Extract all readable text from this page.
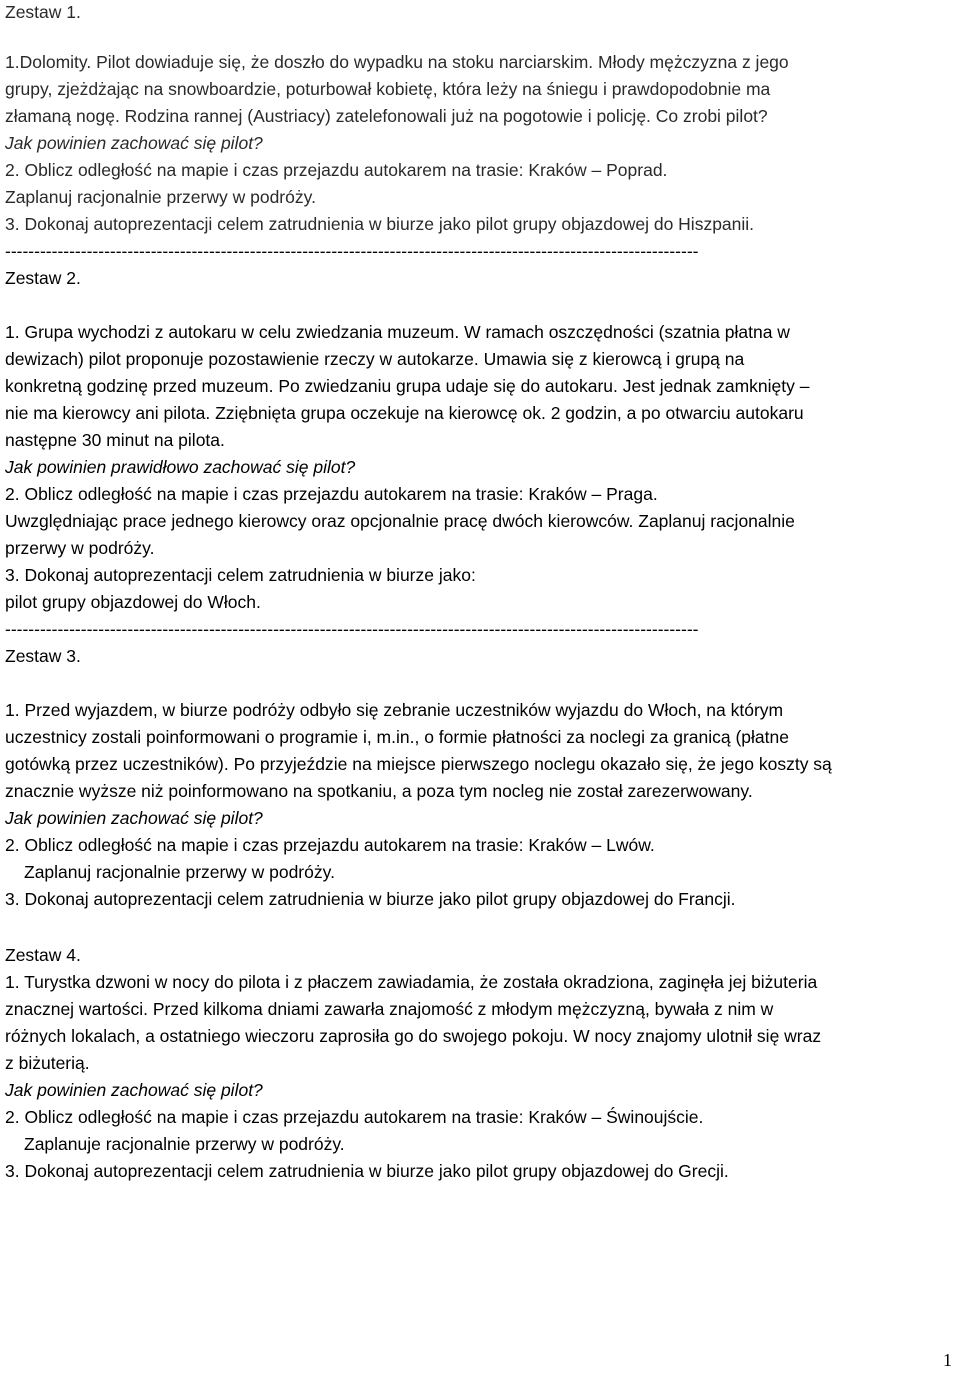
Zestaw 1.
1.Dolomity. Pilot dowiaduje się, że doszło do wypadku na stoku narciarskim. Młody mężczyzna z jego
grupy, zjeżdżając na snowboardzie, poturbował kobietę, która leży na śniegu i prawdopodobnie ma
złamaną nogę. Rodzina rannej (Austriacy) zatelefonowali już na pogotowie i policję. Co zrobi pilot?
Jak powinien zachować się pilot?
2. Oblicz odległość na mapie i czas przejazdu autokarem na trasie: Kraków – Poprad.
Zaplanuj racjonalnie przerwy w podróży.
3. Dokonaj autoprezentacji celem zatrudnienia w biurze jako pilot grupy objazdowej do Hiszpanii.
-----------------------------------------------------------------------------------------------------------------------
Zestaw 2.
1. Grupa wychodzi z autokaru w celu zwiedzania muzeum. W ramach oszczędności (szatnia płatna w
dewizach) pilot proponuje pozostawienie rzeczy w autokarze. Umawia się z kierowcą i grupą na
konkretną godzinę przed muzeum. Po zwiedzaniu grupa udaje się do autokaru. Jest jednak zamknięty –
nie ma kierowcy ani pilota. Zziębnięta grupa oczekuje na kierowcę ok. 2 godzin, a po otwarciu autokaru
następne 30 minut na pilota.
Jak powinien prawidłowo zachować się pilot?
2. Oblicz odległość na mapie i czas przejazdu autokarem na trasie: Kraków – Praga.
Uwzględniając prace jednego kierowcy oraz opcjonalnie pracę dwóch kierowców. Zaplanuj racjonalnie
przerwy w podróży.
3. Dokonaj autoprezentacji celem zatrudnienia w biurze jako:
pilot grupy objazdowej do Włoch.
-----------------------------------------------------------------------------------------------------------------------
Zestaw 3.
1. Przed wyjazdem, w biurze podróży odbyło się zebranie uczestników wyjazdu do Włoch, na którym
uczestnicy zostali poinformowani o programie i, m.in., o formie płatności za noclegi za granicą (płatne
gotówką przez uczestników). Po przyjeździe na miejsce pierwszego noclegu okazało się, że jego koszty są
znacznie wyższe niż poinformowano na spotkaniu, a poza tym nocleg nie został zarezerwowany.
Jak powinien zachować się pilot?
2. Oblicz odległość na mapie i czas przejazdu autokarem na trasie: Kraków – Lwów.
Zaplanuj racjonalnie przerwy w podróży.
3. Dokonaj autoprezentacji celem zatrudnienia w biurze jako pilot grupy objazdowej do Francji.
Zestaw 4.
1. Turystka dzwoni w nocy do pilota i z płaczem zawiadamia, że została okradziona, zaginęła jej biżuteria
znacznej wartości. Przed kilkoma dniami zawarła znajomość z młodym mężczyzną, bywała z nim w
różnych lokalach, a ostatniego wieczoru zaprosiła go do swojego pokoju. W nocy znajomy ulotnił się wraz
z biżuterią.
Jak powinien zachować się pilot?
2. Oblicz odległość na mapie i czas przejazdu autokarem na trasie: Kraków – Świnoujście.
Zaplanuje racjonalnie przerwy w podróży.
3. Dokonaj autoprezentacji celem zatrudnienia w biurze jako pilot grupy objazdowej do Grecji.
1
